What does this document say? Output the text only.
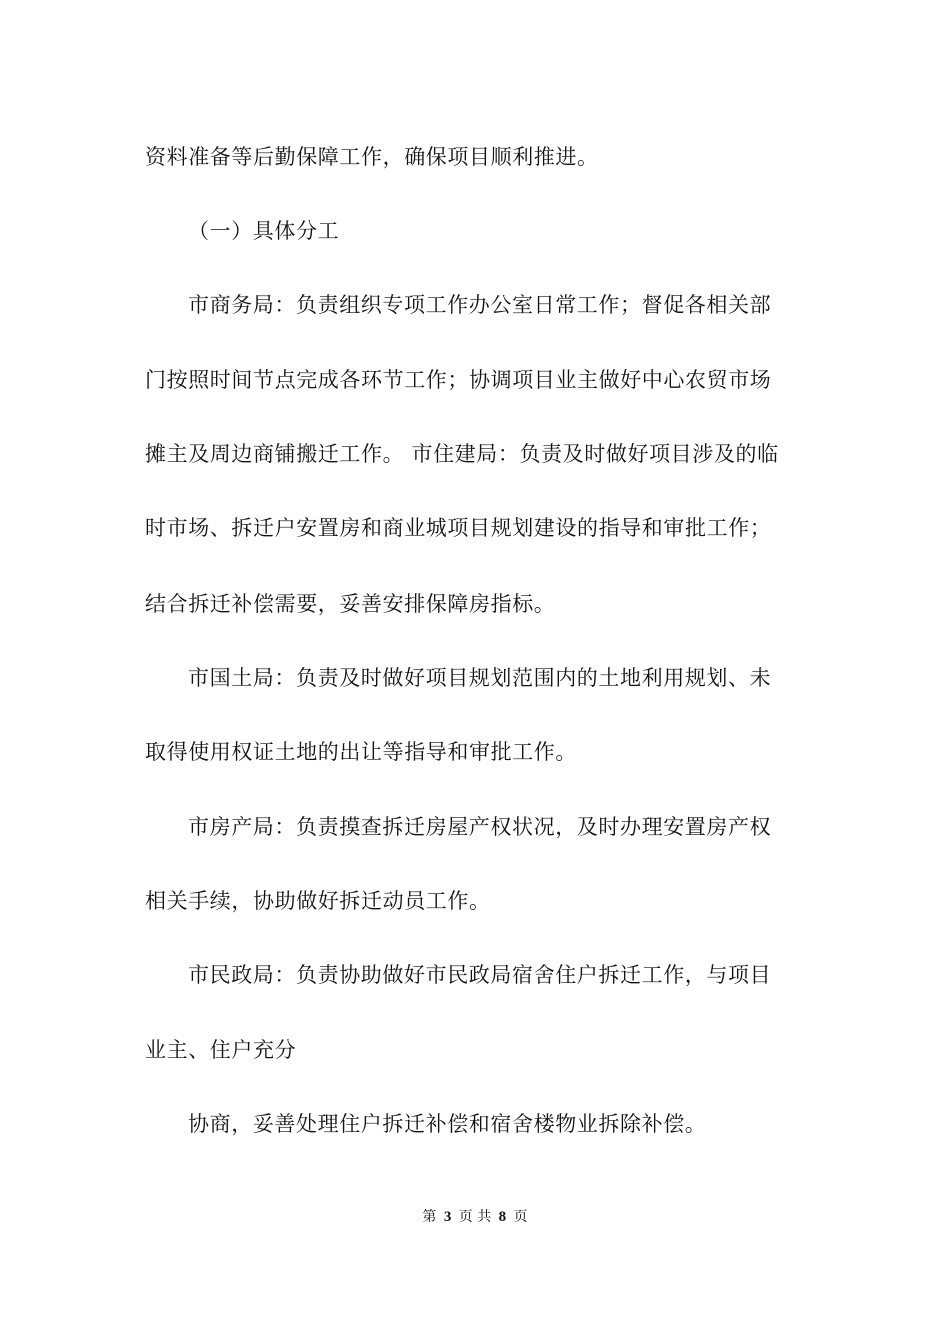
资料准备等后勤保障工作，确保项目顺利推进。
（一）具体分工
市商务局：负责组织专项工作办公室日常工作；督促各相关部
门按照时间节点完成各环节工作；协调项目业主做好中心农贸市场
摊主及周边商铺搬迁工作。 市住建局：负责及时做好项目涉及的临
时市场、拆迁户安置房和商业城项目规划建设的指导和审批工作；
结合拆迁补偿需要，妥善安排保障房指标。
市国土局：负责及时做好项目规划范围内的土地利用规划、未
取得使用权证土地的出让等指导和审批工作。
市房产局：负责摸查拆迁房屋产权状况，及时办理安置房产权
相关手续，协助做好拆迁动员工作。
市民政局：负责协助做好市民政局宿舍住户拆迁工作，与项目
业主、住户充分
协商，妥善处理住户拆迁补偿和宿舍楼物业拆除补偿。
第 3 页 共 8 页
